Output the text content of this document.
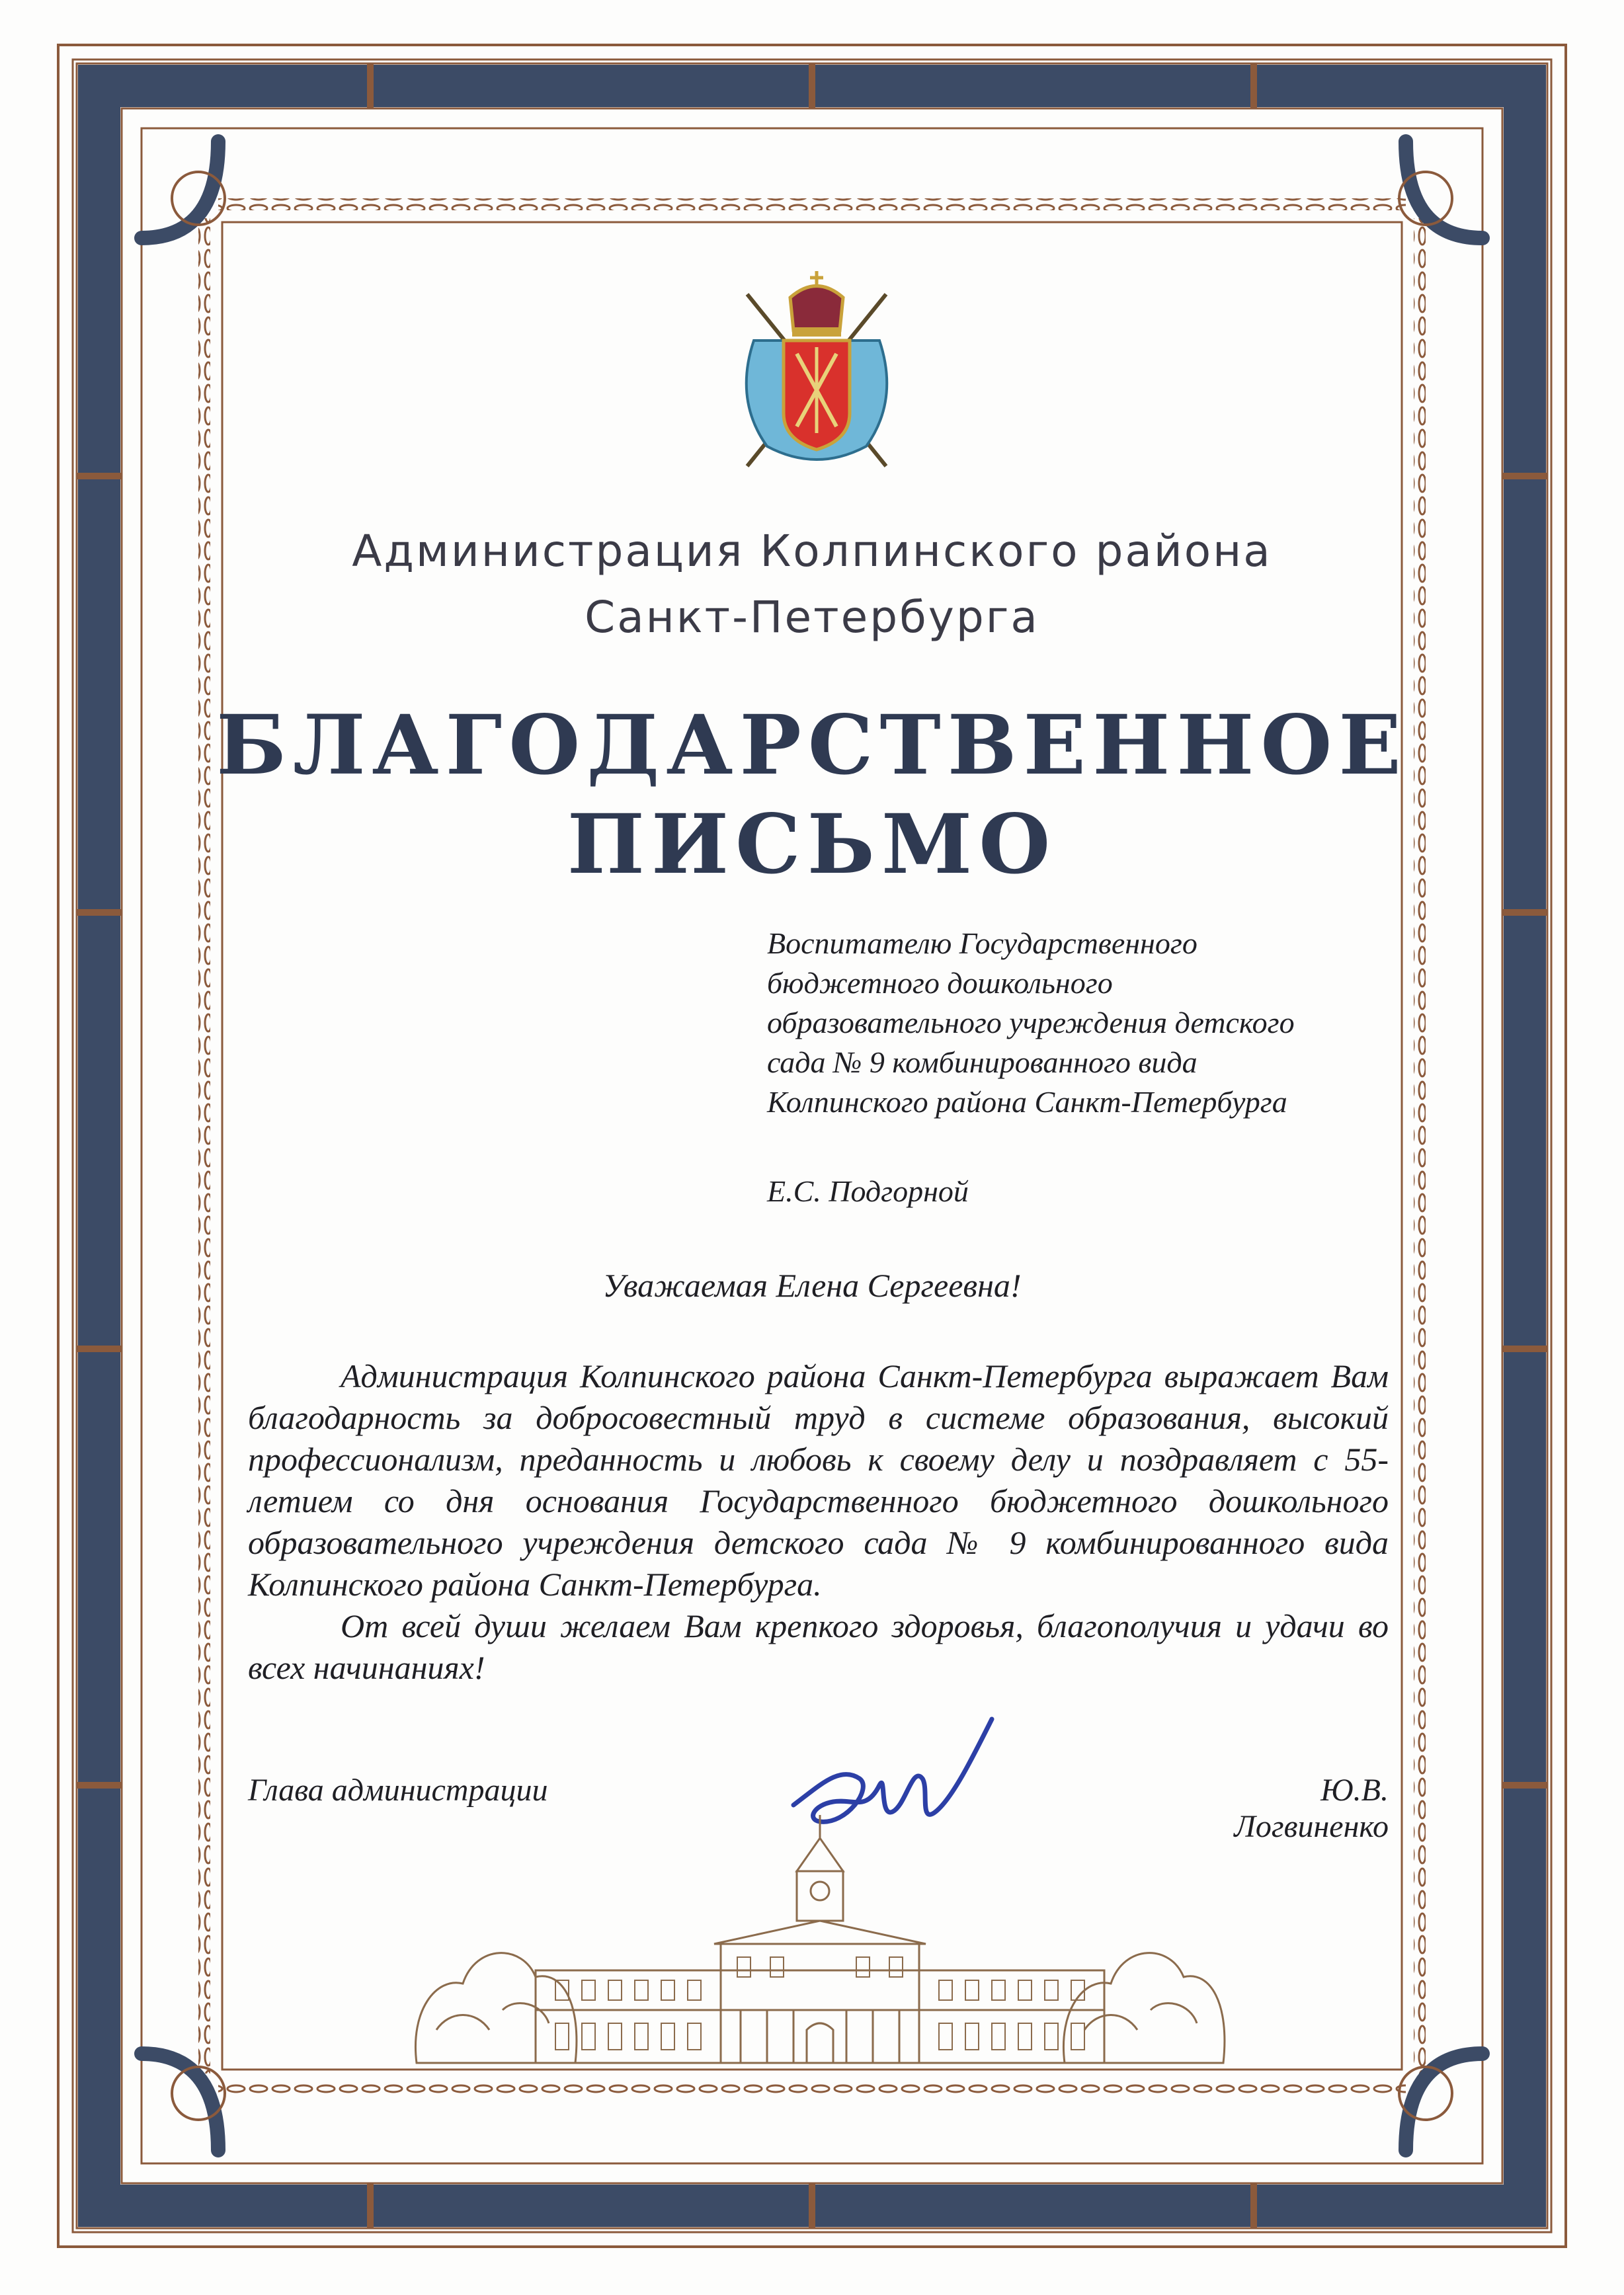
Администрация Колпинского района
Санкт-Петербурга
БЛАГОДАРСТВЕННОЕ
ПИСЬМО
Воспитателю Государственного
бюджетного дошкольного
образовательного учреждения детского
сада № 9 комбинированного вида
Колпинского района Санкт-Петербурга
Е.С. Подгорной
Уважаемая Елена Сергеевна!

Администрация Колпинского района Санкт-Петербурга выражает Вам благодарность за добросовестный труд в системе образования, высокий профессионализм, преданность и любовь к своему делу и поздравляет с 55-летием со дня основания Государственного бюджетного дошкольного образовательного учреждения детского сада № 9 комбинированного вида Колпинского района Санкт-Петербурга.

От всей души желаем Вам крепкого здоровья, благополучия и удачи во всех начинаниях!

Глава администрации	Ю.В. Логвиненко
